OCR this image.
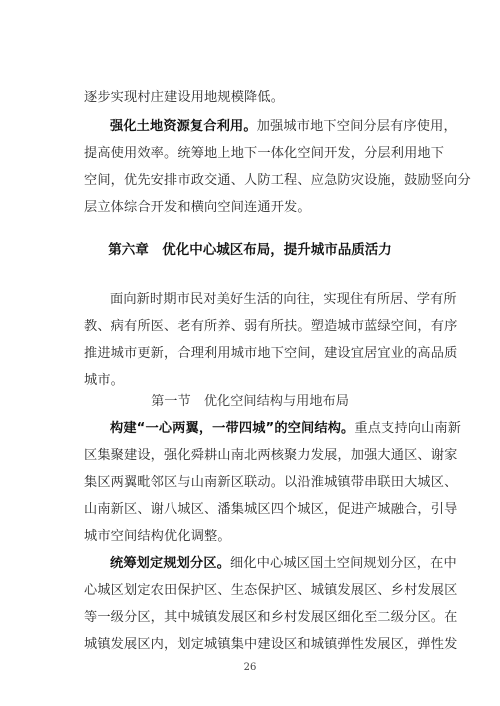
逐步实现村庄建设用地规模降低。
强化土地资源复合利用。加强城市地下空间分层有序使用，
提高使用效率。统筹地上地下一体化空间开发，分层利用地下
空间，优先安排市政交通、人防工程、应急防灾设施，鼓励竖向分
层立体综合开发和横向空间连通开发。
第六章　优化中心城区布局，提升城市品质活力
面向新时期市民对美好生活的向往，实现住有所居、学有所
教、病有所医、老有所养、弱有所扶。塑造城市蓝绿空间，有序
推进城市更新，合理利用城市地下空间，建设宜居宜业的高品质
城市。
第一节　优化空间结构与用地布局
构建“一心两翼，一带四城”的空间结构。重点支持向山南新
区集聚建设，强化舜耕山南北两核聚力发展，加强大通区、谢家
集区两翼毗邻区与山南新区联动。以沿淮城镇带串联田大城区、
山南新区、谢八城区、潘集城区四个城区，促进产城融合，引导
城市空间结构优化调整。
统筹划定规划分区。细化中心城区国土空间规划分区，在中
心城区划定农田保护区、生态保护区、城镇发展区、乡村发展区
等一级分区，其中城镇发展区和乡村发展区细化至二级分区。在
城镇发展区内，划定城镇集中建设区和城镇弹性发展区，弹性发
26
